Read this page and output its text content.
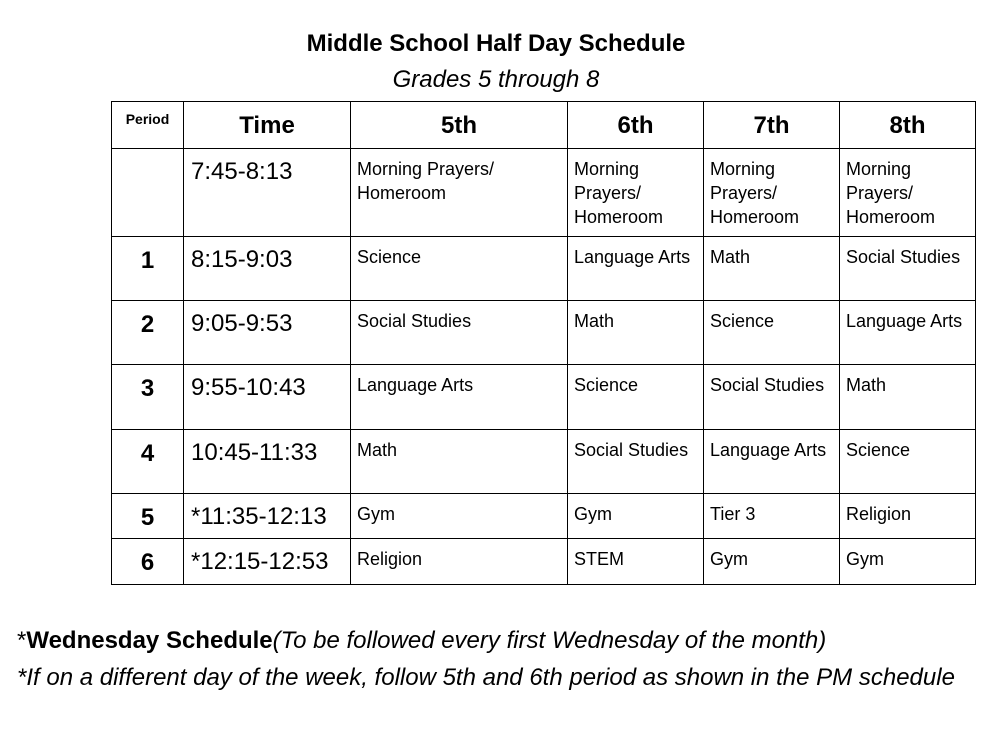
Middle School Half Day Schedule
Grades 5 through 8
Period	Time	5th	6th	7th	8th
	7:45-8:13	Morning Prayers/ Homeroom	Morning Prayers/ Homeroom	Morning Prayers/ Homeroom	Morning Prayers/ Homeroom
1	8:15-9:03	Science	Language Arts	Math	Social Studies
2	9:05-9:53	Social Studies	Math	Science	Language Arts
3	9:55-10:43	Language Arts	Science	Social Studies	Math
4	10:45-11:33	Math	Social Studies	Language Arts	Science
5	*11:35-12:13	Gym	Gym	Tier 3	Religion
6	*12:15-12:53	Religion	STEM	Gym	Gym
*Wednesday Schedule(To be followed every first Wednesday of the month)
*If on a different day of the week, follow 5th and 6th period as shown in the PM schedule
